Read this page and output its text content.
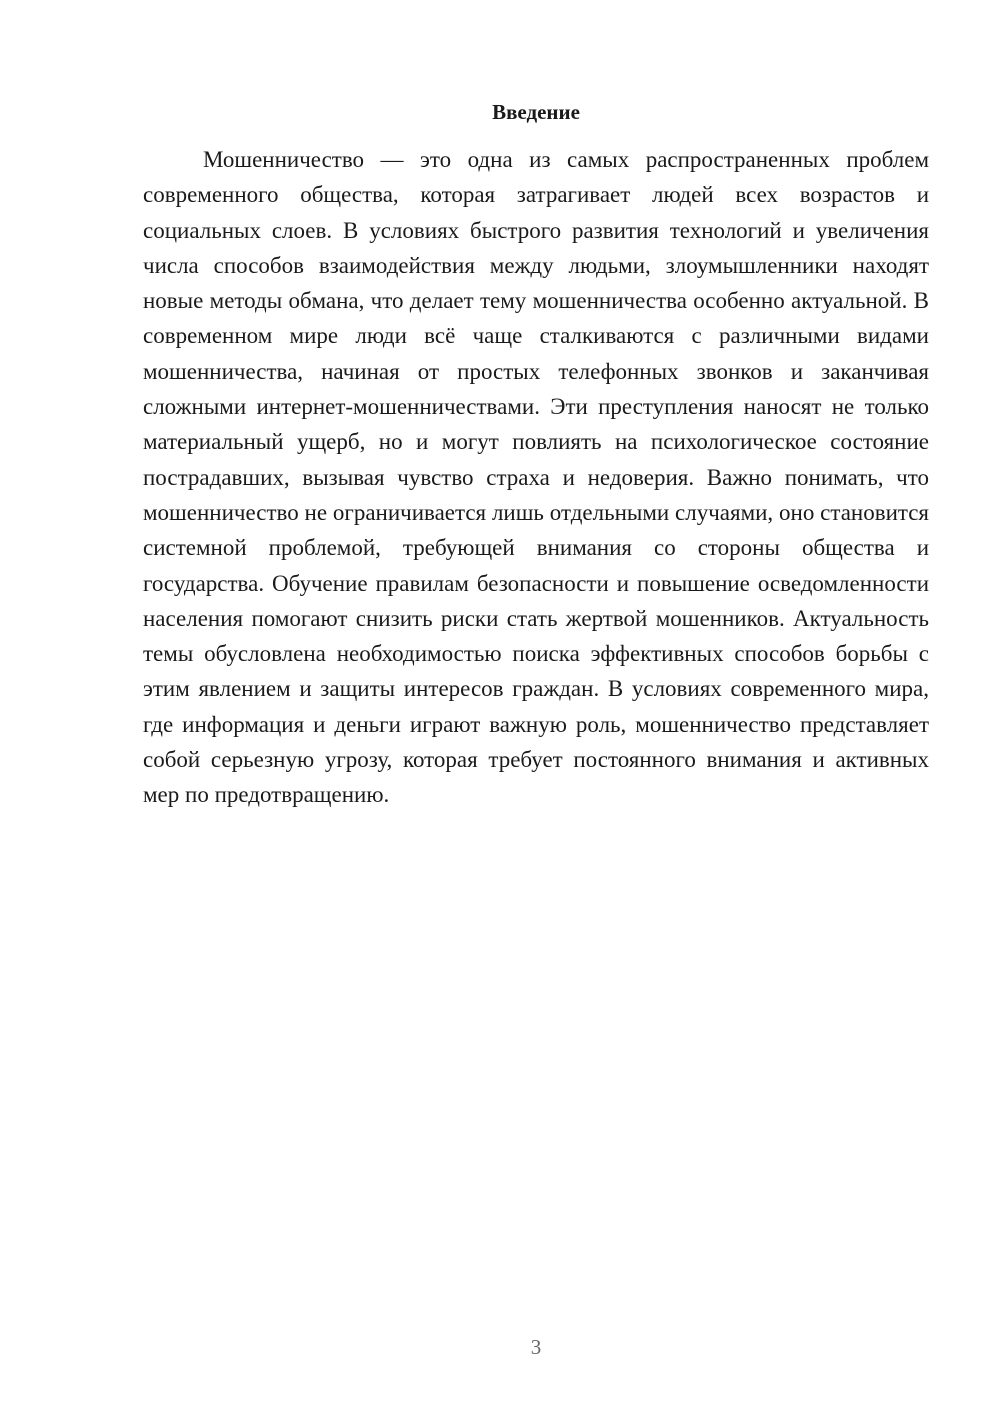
Введение

Мошенничество — это одна из самых распространенных проблем современного общества, которая затрагивает людей всех возрастов и социальных слоев. В условиях быстрого развития технологий и увеличения числа способов взаимодействия между людьми, злоумышленники находят новые методы обмана, что делает тему мошенничества особенно актуальной. В современном мире люди всё чаще сталкиваются с различными видами мошенничества, начиная от простых телефонных звонков и заканчивая сложными интернет-мошенничествами. Эти преступления наносят не только материальный ущерб, но и могут повлиять на психологическое состояние пострадавших, вызывая чувство страха и недоверия. Важно понимать, что мошенничество не ограничивается лишь отдельными случаями, оно становится системной проблемой, требующей внимания со стороны общества и государства. Обучение правилам безопасности и повышение осведомленности населения помогают снизить риски стать жертвой мошенников. Актуальность темы обусловлена необходимостью поиска эффективных способов борьбы с этим явлением и защиты интересов граждан. В условиях современного мира, где информация и деньги играют важную роль, мошенничество представляет собой серьезную угрозу, которая требует постоянного внимания и активных мер по предотвращению.

3
